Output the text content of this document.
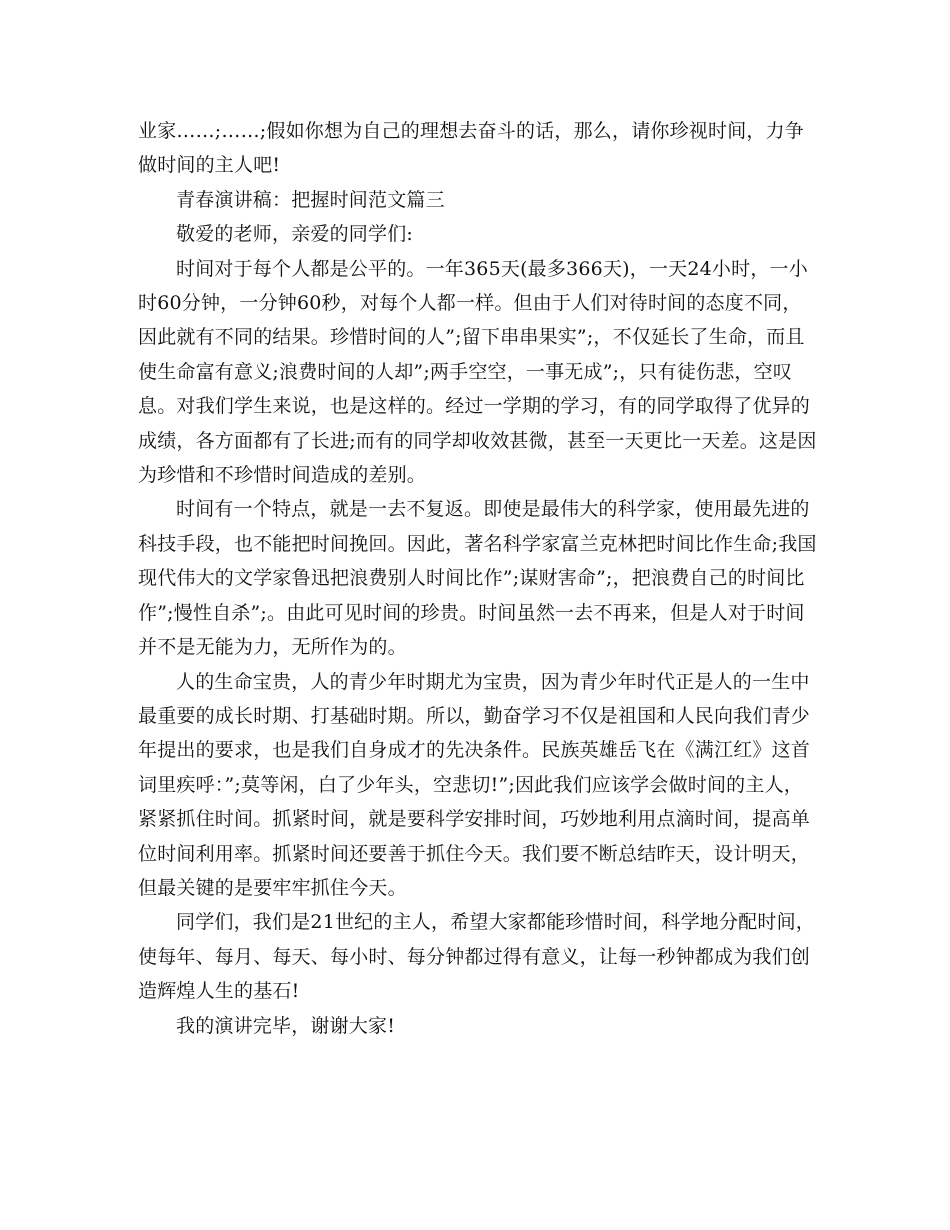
业家……;……;假如你想为自己的理想去奋斗的话，那么，请你珍视时间，力争做时间的主人吧!

青春演讲稿：把握时间范文篇三

敬爱的老师，亲爱的同学们:

时间对于每个人都是公平的。一年365天(最多366天)，一天24小时，一小时60分钟，一分钟60秒，对每个人都一样。但由于人们对待时间的态度不同，因此就有不同的结果。珍惜时间的人”;留下串串果实”;，不仅延长了生命，而且使生命富有意义;浪费时间的人却”;两手空空，一事无成”;，只有徒伤悲，空叹息。对我们学生来说，也是这样的。经过一学期的学习，有的同学取得了优异的成绩，各方面都有了长进;而有的同学却收效甚微，甚至一天更比一天差。这是因为珍惜和不珍惜时间造成的差别。

时间有一个特点，就是一去不复返。即使是最伟大的科学家，使用最先进的科技手段，也不能把时间挽回。因此，著名科学家富兰克林把时间比作生命;我国现代伟大的文学家鲁迅把浪费别人时间比作”;谋财害命”;，把浪费自己的时间比作”;慢性自杀”;。由此可见时间的珍贵。时间虽然一去不再来，但是人对于时间并不是无能为力，无所作为的。

人的生命宝贵，人的青少年时期尤为宝贵，因为青少年时代正是人的一生中最重要的成长时期、打基础时期。所以，勤奋学习不仅是祖国和人民向我们青少年提出的要求，也是我们自身成才的先决条件。民族英雄岳飞在《满江红》这首词里疾呼：”;莫等闲，白了少年头，空悲切!”;因此我们应该学会做时间的主人，紧紧抓住时间。抓紧时间，就是要科学安排时间，巧妙地利用点滴时间，提高单位时间利用率。抓紧时间还要善于抓住今天。我们要不断总结昨天，设计明天，但最关键的是要牢牢抓住今天。

同学们，我们是21世纪的主人，希望大家都能珍惜时间，科学地分配时间，使每年、每月、每天、每小时、每分钟都过得有意义，让每一秒钟都成为我们创造辉煌人生的基石!

我的演讲完毕，谢谢大家!
